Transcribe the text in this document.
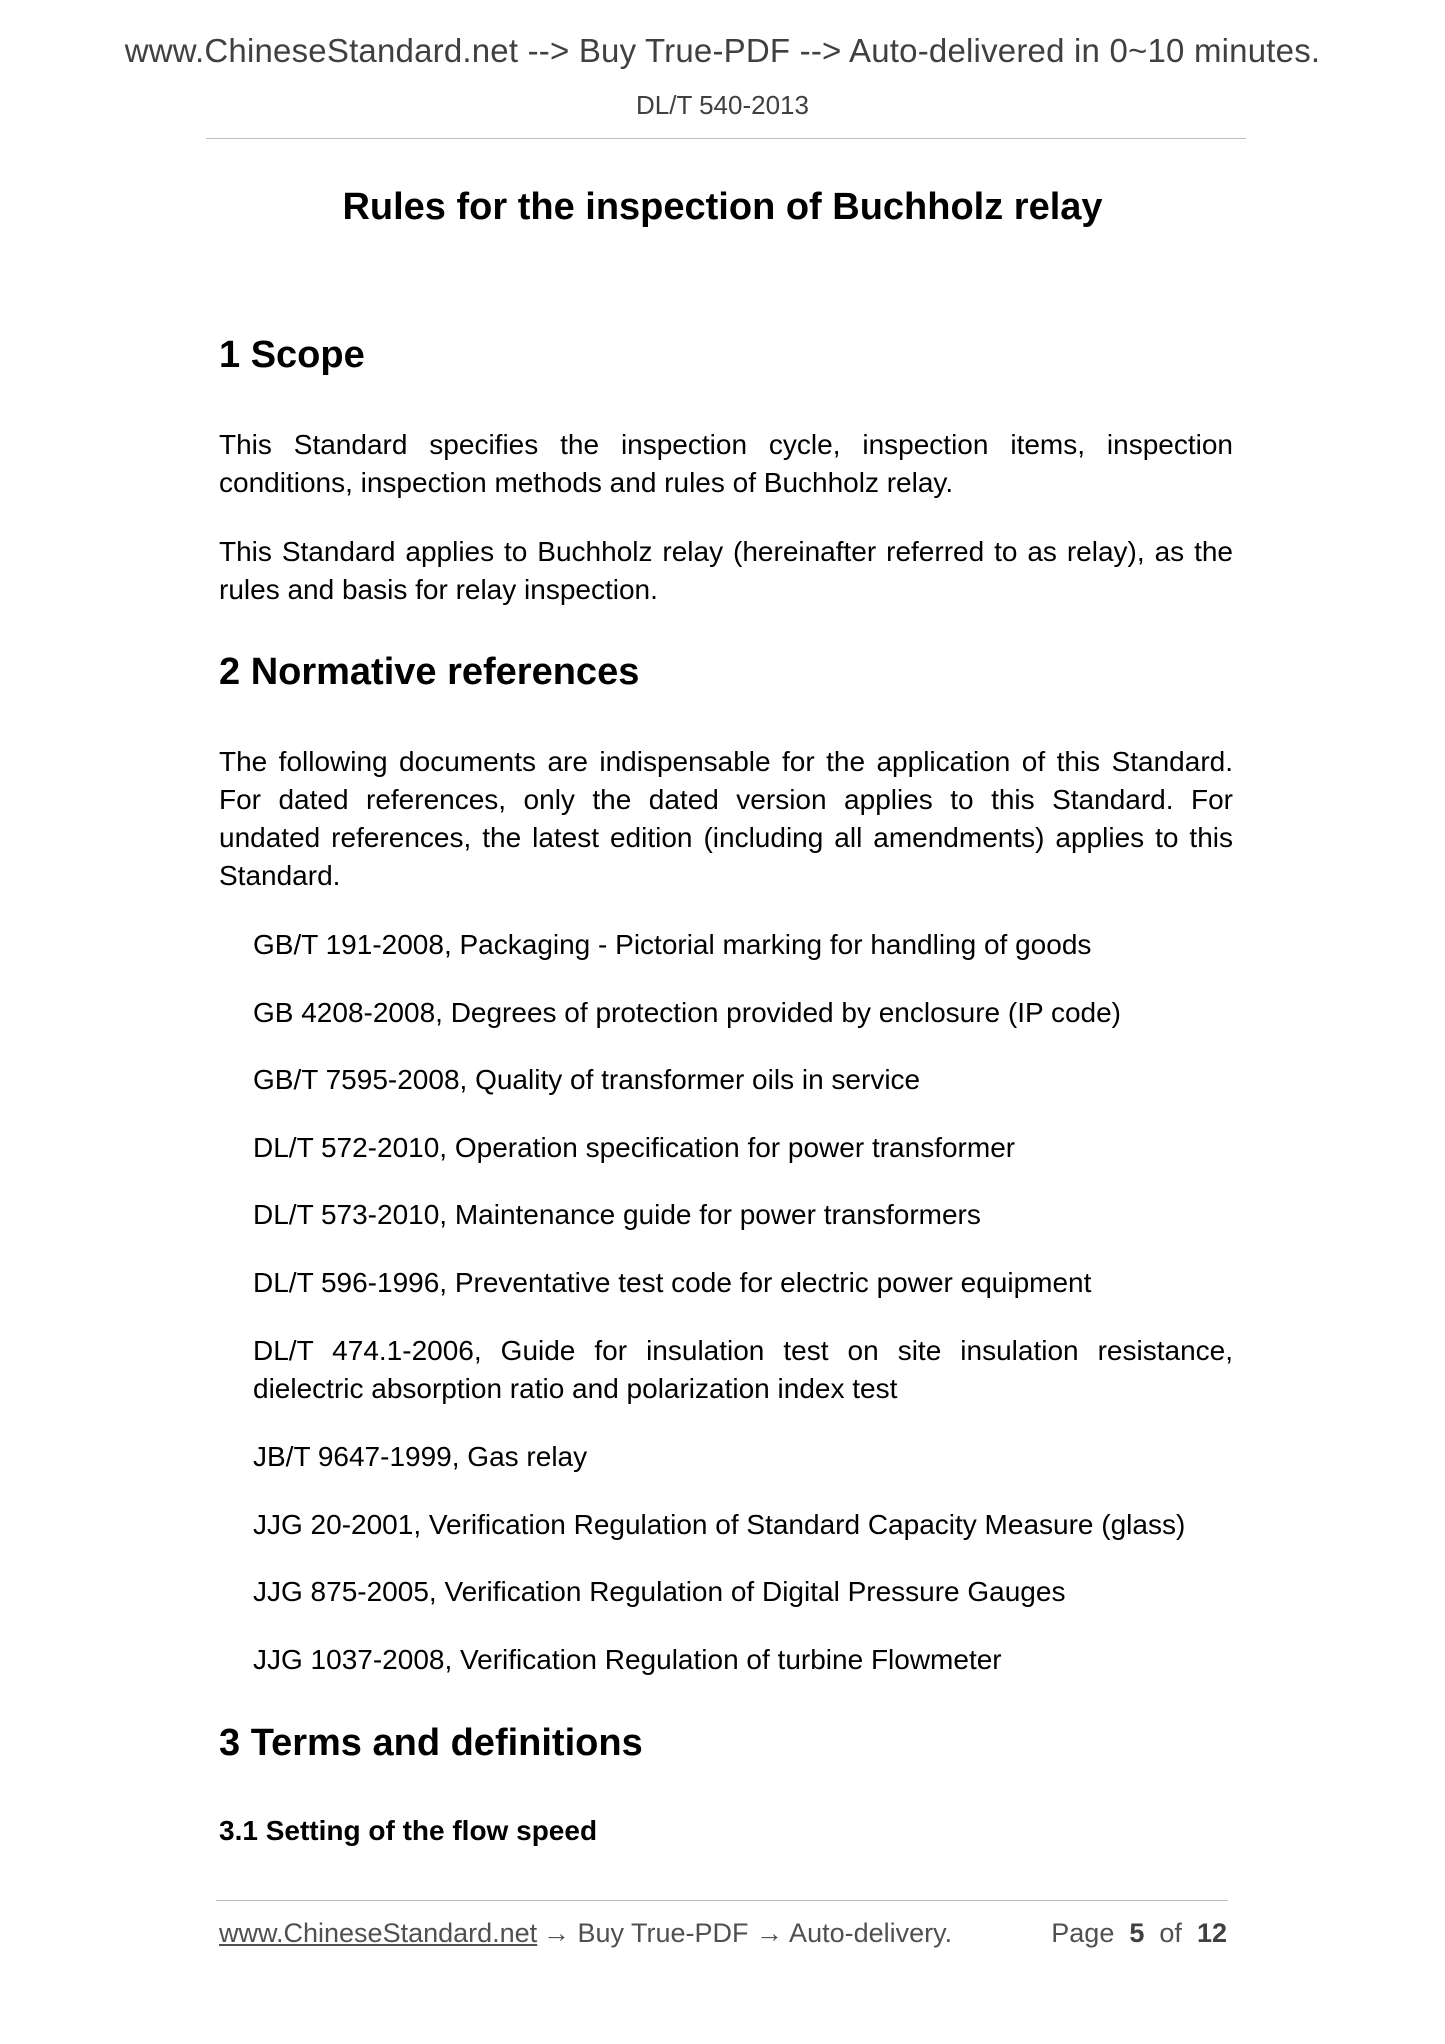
www.ChineseStandard.net --> Buy True-PDF --> Auto-delivered in 0~10 minutes.
DL/T 540-2013
Rules for the inspection of Buchholz relay
1 Scope
This Standard specifies the inspection cycle, inspection items, inspection conditions, inspection methods and rules of Buchholz relay.
This Standard applies to Buchholz relay (hereinafter referred to as relay), as the rules and basis for relay inspection.
2 Normative references
The following documents are indispensable for the application of this Standard. For dated references, only the dated version applies to this Standard. For undated references, the latest edition (including all amendments) applies to this Standard.
GB/T 191-2008, Packaging - Pictorial marking for handling of goods
GB 4208-2008, Degrees of protection provided by enclosure (IP code)
GB/T 7595-2008, Quality of transformer oils in service
DL/T 572-2010, Operation specification for power transformer
DL/T 573-2010, Maintenance guide for power transformers
DL/T 596-1996, Preventative test code for electric power equipment
DL/T 474.1-2006, Guide for insulation test on site insulation resistance, dielectric absorption ratio and polarization index test
JB/T 9647-1999, Gas relay
JJG 20-2001, Verification Regulation of Standard Capacity Measure (glass)
JJG 875-2005, Verification Regulation of Digital Pressure Gauges
JJG 1037-2008, Verification Regulation of turbine Flowmeter
3 Terms and definitions
3.1 Setting of the flow speed
www.ChineseStandard.net → Buy True-PDF → Auto-delivery.	Page 5 of 12
